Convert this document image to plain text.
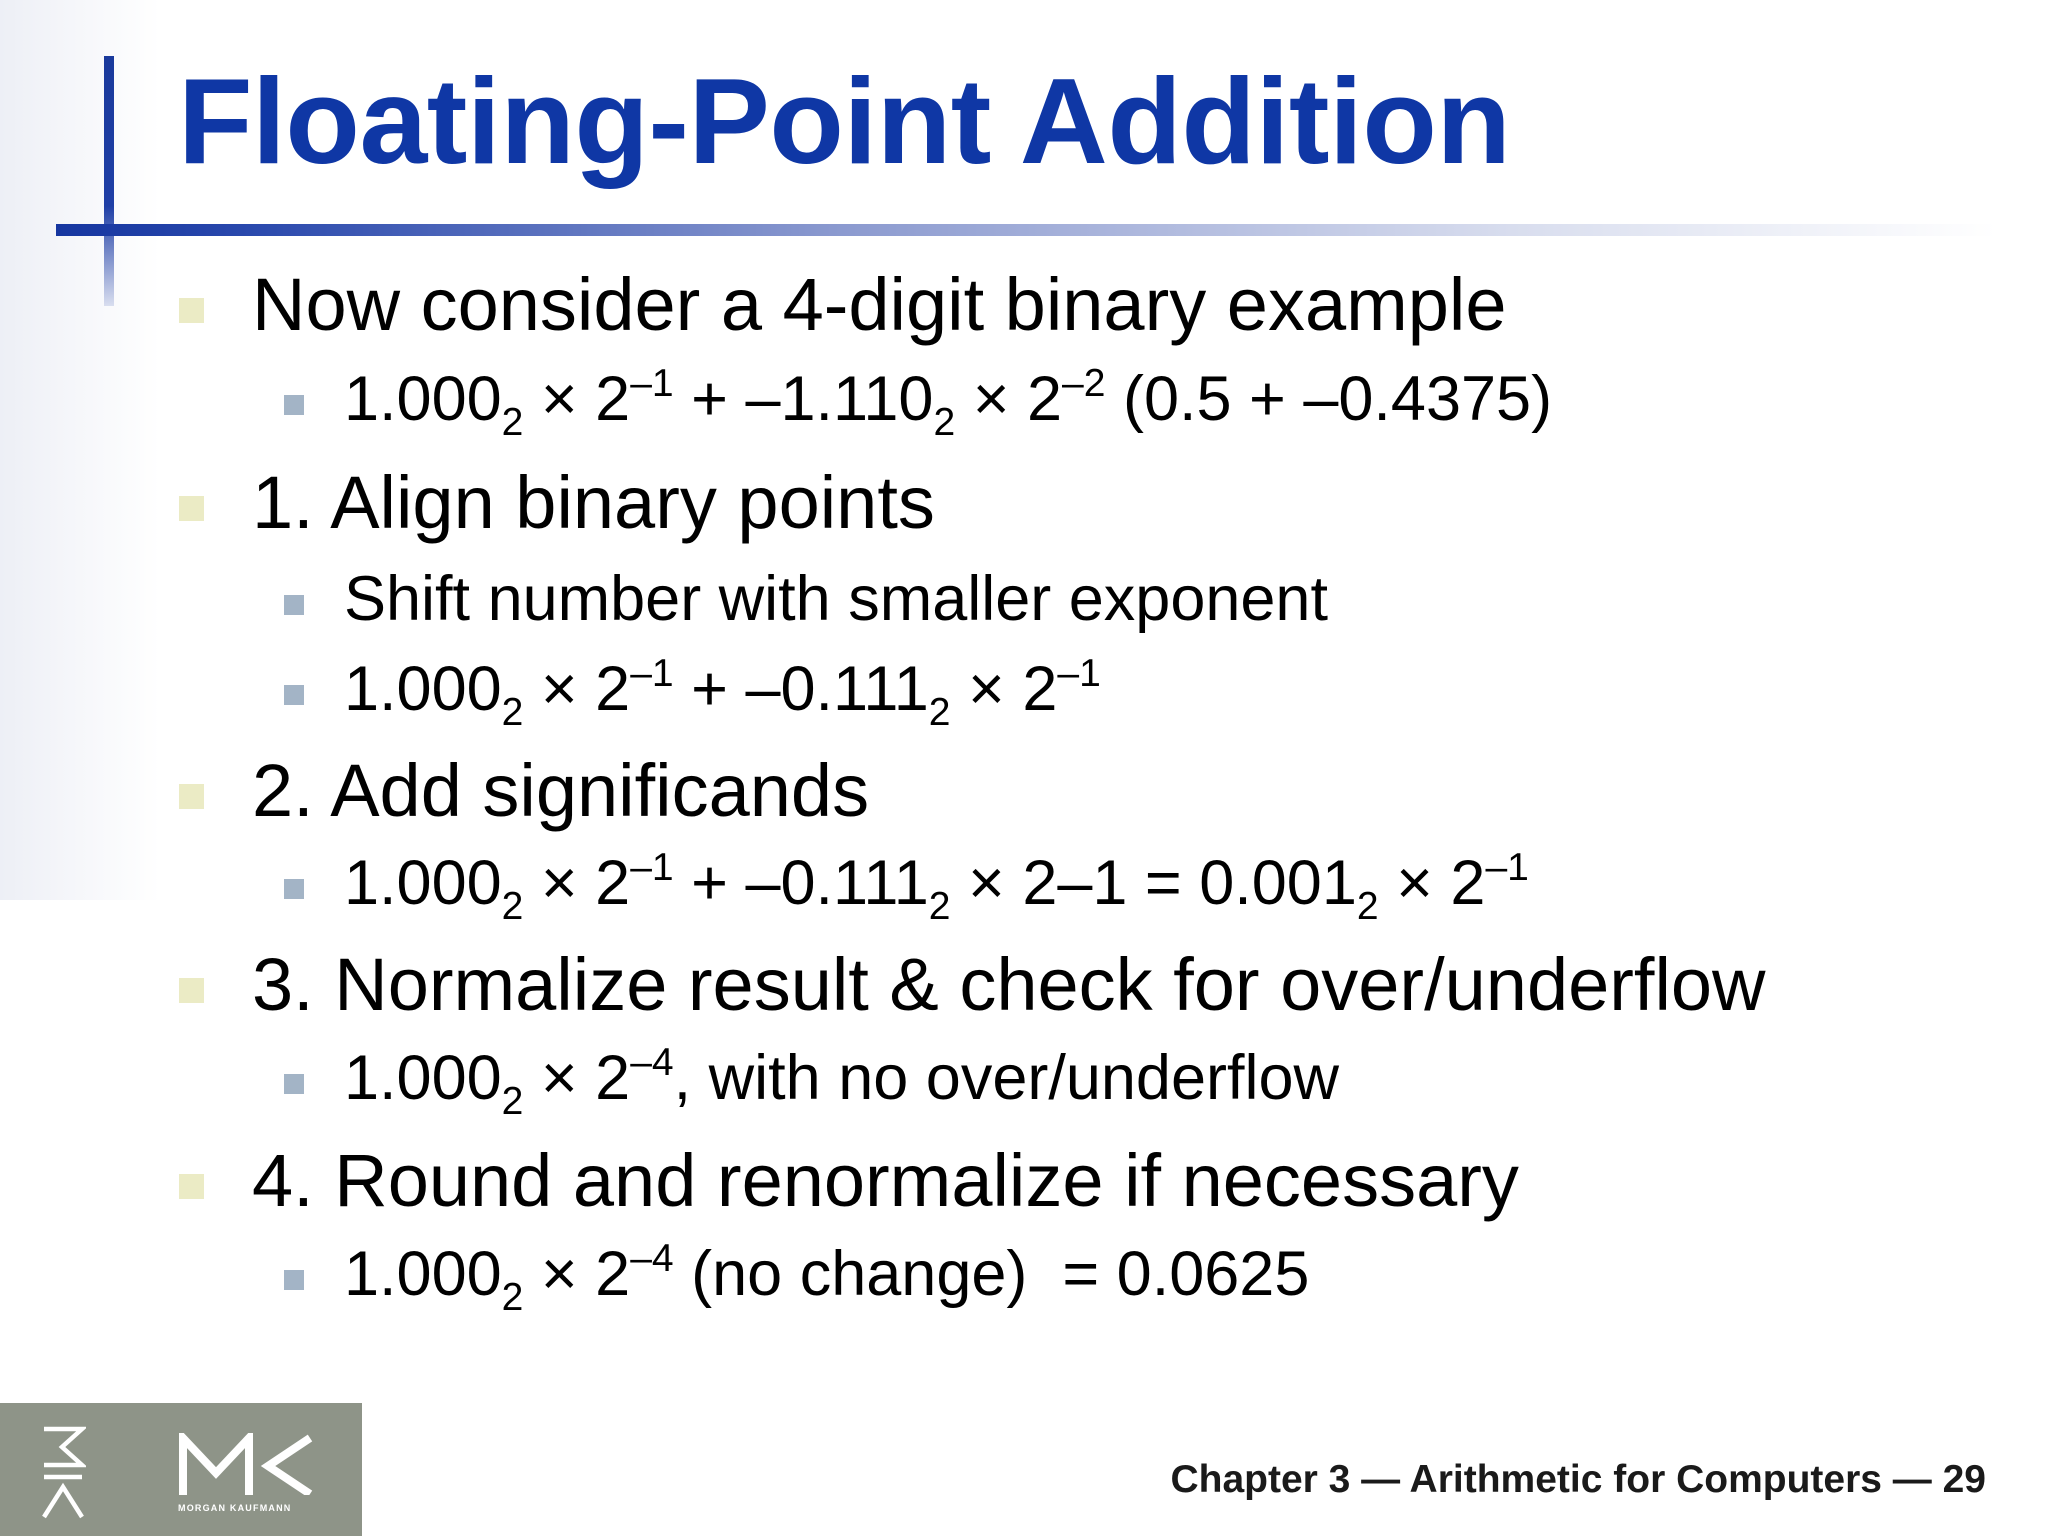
Floating-Point Addition
Now consider a 4-digit binary example
$1.000_2 \times 2^{-1} + -1.110_2 \times 2^{-2}$ (0.5 + –0.4375)
1. Align binary points
Shift number with smaller exponent
$1.000_2 \times 2^{-1} + -0.111_2 \times 2^{-1}$
2. Add significands
$1.000_2 \times 2^{-1} + -0.111_2 \times 2-1 = 0.001_2 \times 2^{-1}$
3. Normalize result & check for over/underflow
$1.000_2 \times 2^{-4}$, with no over/underflow
4. Round and renormalize if necessary
$1.000_2 \times 2^{-4}$ (no change)  = 0.0625
MORGAN KAUFMANN
Chapter 3 — Arithmetic for Computers — 29
